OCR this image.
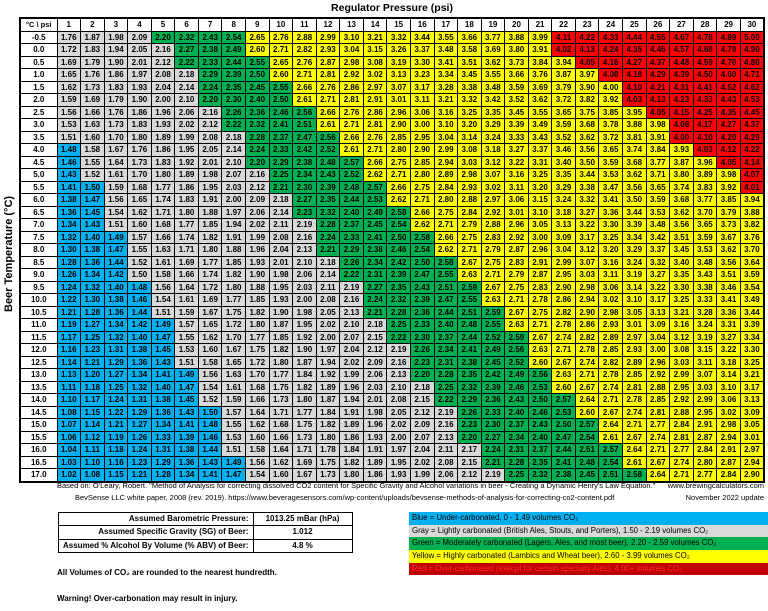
Regulator Pressure (psi)
Beer Temperature (°C)
°C \ psi	1	2	3	4	5	6	7	8	9	10	11	12	13	14	15	16	17	18	19	20	21	22	23	24	25	26	27	28	29	30
-0.5	1.76	1.87	1.98	2.09	2.20	2.32	2.43	2.54	2.65	2.76	2.88	2.99	3.10	3.21	3.32	3.44	3.55	3.66	3.77	3.88	3.99	4.11	4.22	4.33	4.44	4.55	4.67	4.78	4.89	5.00
0.0	1.72	1.83	1.94	2.05	2.16	2.27	2.38	2.49	2.60	2.71	2.82	2.93	3.04	3.15	3.26	3.37	3.48	3.58	3.69	3.80	3.91	4.02	4.13	4.24	4.35	4.46	4.57	4.68	4.79	4.90
0.5	1.69	1.79	1.90	2.01	2.12	2.22	2.33	2.44	2.55	2.65	2.76	2.87	2.98	3.08	3.19	3.30	3.41	3.51	3.62	3.73	3.84	3.94	4.05	4.16	4.27	4.37	4.48	4.59	4.70	4.80
1.0	1.65	1.76	1.86	1.97	2.08	2.18	2.29	2.39	2.50	2.60	2.71	2.81	2.92	3.02	3.13	3.23	3.34	3.45	3.55	3.66	3.76	3.87	3.97	4.08	4.18	4.29	4.39	4.50	4.60	4.71
1.5	1.62	1.73	1.83	1.93	2.04	2.14	2.24	2.35	2.45	2.55	2.66	2.76	2.86	2.97	3.07	3.17	3.28	3.38	3.48	3.59	3.69	3.79	3.90	4.00	4.10	4.21	4.31	4.41	4.52	4.62
2.0	1.59	1.69	1.79	1.90	2.00	2.10	2.20	2.30	2.40	2.50	2.61	2.71	2.81	2.91	3.01	3.11	3.21	3.32	3.42	3.52	3.62	3.72	3.82	3.92	4.03	4.13	4.23	4.33	4.43	4.53
2.5	1.56	1.66	1.76	1.86	1.96	2.06	2.16	2.26	2.36	2.46	2.56	2.66	2.76	2.86	2.96	3.06	3.16	3.25	3.35	3.45	3.55	3.65	3.75	3.85	3.95	4.05	4.15	4.25	4.35	4.45
3.0	1.53	1.63	1.73	1.83	1.93	2.02	2.12	2.22	2.32	2.41	2.51	2.61	2.71	2.81	2.90	3.00	3.10	3.20	3.29	3.39	3.49	3.59	3.68	3.78	3.88	3.98	4.08	4.17	4.27	4.37
3.5	1.51	1.60	1.70	1.80	1.89	1.99	2.08	2.18	2.28	2.37	2.47	2.56	2.66	2.76	2.85	2.95	3.04	3.14	3.24	3.33	3.43	3.52	3.62	3.72	3.81	3.91	4.00	4.10	4.20	4.29
4.0	1.48	1.58	1.67	1.76	1.86	1.95	2.05	2.14	2.24	2.33	2.42	2.52	2.61	2.71	2.80	2.90	2.99	3.08	3.18	3.27	3.37	3.46	3.56	3.65	3.74	3.84	3.93	4.03	4.12	4.22
4.5	1.46	1.55	1.64	1.73	1.83	1.92	2.01	2.10	2.20	2.29	2.38	2.48	2.57	2.66	2.75	2.85	2.94	3.03	3.12	3.22	3.31	3.40	3.50	3.59	3.68	3.77	3.87	3.96	4.05	4.14
5.0	1.43	1.52	1.61	1.70	1.80	1.89	1.98	2.07	2.16	2.25	2.34	2.43	2.52	2.62	2.71	2.80	2.89	2.98	3.07	3.16	3.25	3.35	3.44	3.53	3.62	3.71	3.80	3.89	3.98	4.07
5.5	1.41	1.50	1.59	1.68	1.77	1.86	1.95	2.03	2.12	2.21	2.30	2.39	2.48	2.57	2.66	2.75	2.84	2.93	3.02	3.11	3.20	3.29	3.38	3.47	3.56	3.65	3.74	3.83	3.92	4.01
6.0	1.38	1.47	1.56	1.65	1.74	1.83	1.91	2.00	2.09	2.18	2.27	2.35	2.44	2.53	2.62	2.71	2.80	2.88	2.97	3.06	3.15	3.24	3.32	3.41	3.50	3.59	3.68	3.77	3.85	3.94
6.5	1.36	1.45	1.54	1.62	1.71	1.80	1.88	1.97	2.06	2.14	2.23	2.32	2.40	2.49	2.58	2.66	2.75	2.84	2.92	3.01	3.10	3.18	3.27	3.36	3.44	3.53	3.62	3.70	3.79	3.88
7.0	1.34	1.43	1.51	1.60	1.68	1.77	1.85	1.94	2.02	2.11	2.19	2.28	2.37	2.45	2.54	2.62	2.71	2.79	2.88	2.96	3.05	3.13	3.22	3.30	3.39	3.48	3.56	3.65	3.73	3.82
7.5	1.32	1.40	1.49	1.57	1.66	1.74	1.82	1.91	1.99	2.08	2.16	2.24	2.33	2.41	2.50	2.58	2.66	2.75	2.83	2.92	3.00	3.09	3.17	3.25	3.34	3.42	3.51	3.59	3.67	3.76
8.0	1.30	1.38	1.47	1.55	1.63	1.71	1.80	1.88	1.96	2.04	2.13	2.21	2.29	2.38	2.46	2.54	2.62	2.71	2.79	2.87	2.96	3.04	3.12	3.20	3.29	3.37	3.45	3.53	3.62	3.70
8.5	1.28	1.36	1.44	1.52	1.61	1.69	1.77	1.85	1.93	2.01	2.10	2.18	2.26	2.34	2.42	2.50	2.58	2.67	2.75	2.83	2.91	2.99	3.07	3.16	3.24	3.32	3.40	3.48	3.56	3.64
9.0	1.26	1.34	1.42	1.50	1.58	1.66	1.74	1.82	1.90	1.98	2.06	2.14	2.22	2.31	2.39	2.47	2.55	2.63	2.71	2.79	2.87	2.95	3.03	3.11	3.19	3.27	3.35	3.43	3.51	3.59
9.5	1.24	1.32	1.40	1.48	1.56	1.64	1.72	1.80	1.88	1.95	2.03	2.11	2.19	2.27	2.35	2.43	2.51	2.59	2.67	2.75	2.83	2.90	2.98	3.06	3.14	3.22	3.30	3.38	3.46	3.54
10.0	1.22	1.30	1.38	1.46	1.54	1.61	1.69	1.77	1.85	1.93	2.00	2.08	2.16	2.24	2.32	2.39	2.47	2.55	2.63	2.71	2.78	2.86	2.94	3.02	3.10	3.17	3.25	3.33	3.41	3.49
10.5	1.21	1.28	1.36	1.44	1.51	1.59	1.67	1.75	1.82	1.90	1.98	2.05	2.13	2.21	2.28	2.36	2.44	2.51	2.59	2.67	2.75	2.82	2.90	2.98	3.05	3.13	3.21	3.28	3.36	3.44
11.0	1.19	1.27	1.34	1.42	1.49	1.57	1.65	1.72	1.80	1.87	1.95	2.02	2.10	2.18	2.25	2.33	2.40	2.48	2.55	2.63	2.71	2.78	2.86	2.93	3.01	3.09	3.16	3.24	3.31	3.39
11.5	1.17	1.25	1.32	1.40	1.47	1.55	1.62	1.70	1.77	1.85	1.92	2.00	2.07	2.15	2.22	2.30	2.37	2.44	2.52	2.59	2.67	2.74	2.82	2.89	2.97	3.04	3.12	3.19	3.27	3.34
12.0	1.16	1.23	1.31	1.38	1.45	1.53	1.60	1.67	1.75	1.82	1.90	1.97	2.04	2.12	2.19	2.26	2.34	2.41	2.49	2.56	2.63	2.71	2.78	2.85	2.93	3.00	3.08	3.15	3.22	3.30
12.5	1.14	1.21	1.29	1.36	1.43	1.51	1.58	1.65	1.72	1.80	1.87	1.94	2.02	2.09	2.16	2.23	2.31	2.38	2.45	2.52	2.60	2.67	2.74	2.82	2.89	2.96	3.03	3.11	3.18	3.25
13.0	1.13	1.20	1.27	1.34	1.41	1.49	1.56	1.63	1.70	1.77	1.84	1.92	1.99	2.06	2.13	2.20	2.28	2.35	2.42	2.49	2.56	2.63	2.71	2.78	2.85	2.92	2.99	3.07	3.14	3.21
13.5	1.11	1.18	1.25	1.32	1.40	1.47	1.54	1.61	1.68	1.75	1.82	1.89	1.96	2.03	2.10	2.18	2.25	2.32	2.39	2.46	2.53	2.60	2.67	2.74	2.81	2.88	2.95	3.03	3.10	3.17
14.0	1.10	1.17	1.24	1.31	1.38	1.45	1.52	1.59	1.66	1.73	1.80	1.87	1.94	2.01	2.08	2.15	2.22	2.29	2.36	2.43	2.50	2.57	2.64	2.71	2.78	2.85	2.92	2.99	3.06	3.13
14.5	1.08	1.15	1.22	1.29	1.36	1.43	1.50	1.57	1.64	1.71	1.77	1.84	1.91	1.98	2.05	2.12	2.19	2.26	2.33	2.40	2.46	2.53	2.60	2.67	2.74	2.81	2.88	2.95	3.02	3.09
15.0	1.07	1.14	1.21	1.27	1.34	1.41	1.48	1.55	1.62	1.68	1.75	1.82	1.89	1.96	2.02	2.09	2.16	2.23	2.30	2.37	2.43	2.50	2.57	2.64	2.71	2.77	2.84	2.91	2.98	3.05
15.5	1.06	1.12	1.19	1.26	1.33	1.39	1.46	1.53	1.60	1.66	1.73	1.80	1.86	1.93	2.00	2.07	2.13	2.20	2.27	2.34	2.40	2.47	2.54	2.61	2.67	2.74	2.81	2.87	2.94	3.01
16.0	1.04	1.11	1.18	1.24	1.31	1.38	1.44	1.51	1.58	1.64	1.71	1.78	1.84	1.91	1.97	2.04	2.11	2.17	2.24	2.31	2.37	2.44	2.51	2.57	2.64	2.71	2.77	2.84	2.91	2.97
16.5	1.03	1.10	1.16	1.23	1.29	1.36	1.43	1.49	1.56	1.62	1.69	1.75	1.82	1.89	1.95	2.02	2.08	2.15	2.21	2.28	2.35	2.41	2.48	2.54	2.61	2.67	2.74	2.80	2.87	2.94
17.0	1.02	1.08	1.15	1.21	1.28	1.34	1.41	1.47	1.54	1.60	1.67	1.73	1.80	1.86	1.93	1.99	2.06	2.12	2.19	2.25	2.32	2.38	2.45	2.51	2.58	2.64	2.71	2.77	2.84	2.90
Based on: O'Leary, Robert. "Method of Analysis for correcting dissolved CO2 content for Specific Gravity and Alcohol variations in beer - Creating a Dynamic Henry's Law Equation." www.brewingcalculators.com
BevSense LLC white paper, 2008 (rev. 2019). https://www.beveragesensors.com/wp-content/uploads/bevsense-methods-of-analysis-for-correcting-co2-content.pdf	November 2022 update
Assumed Barometric Pressure:	1013.25 mBar (hPa)
Assumed Specific Gravity (SG) of Beer:	1.012
Assumed % Alcohol By Volume (% ABV) of Beer:	4.8 %
Blue = Under-carbonated, 0 - 1.49 volumes CO₂
Gray = Lightly carbonated (British Ales, Stouts, and Porters), 1.50 - 2.19 volumes CO₂
Green = Moderately carbonated (Lagers, Ales, and most beer), 2.20 - 2.59 volumes CO₂
Yellow = Highly carbonated (Lambics and Wheat beer), 2.60 - 3.99 volumes CO₂
Red = Over-carbonated (execpt for certain specialty Ales), 4.00+ volumes CO₂
All Volumes of CO₂ are rounded to the nearest hundredth.
Warning! Over-carbonation may result in injury.
